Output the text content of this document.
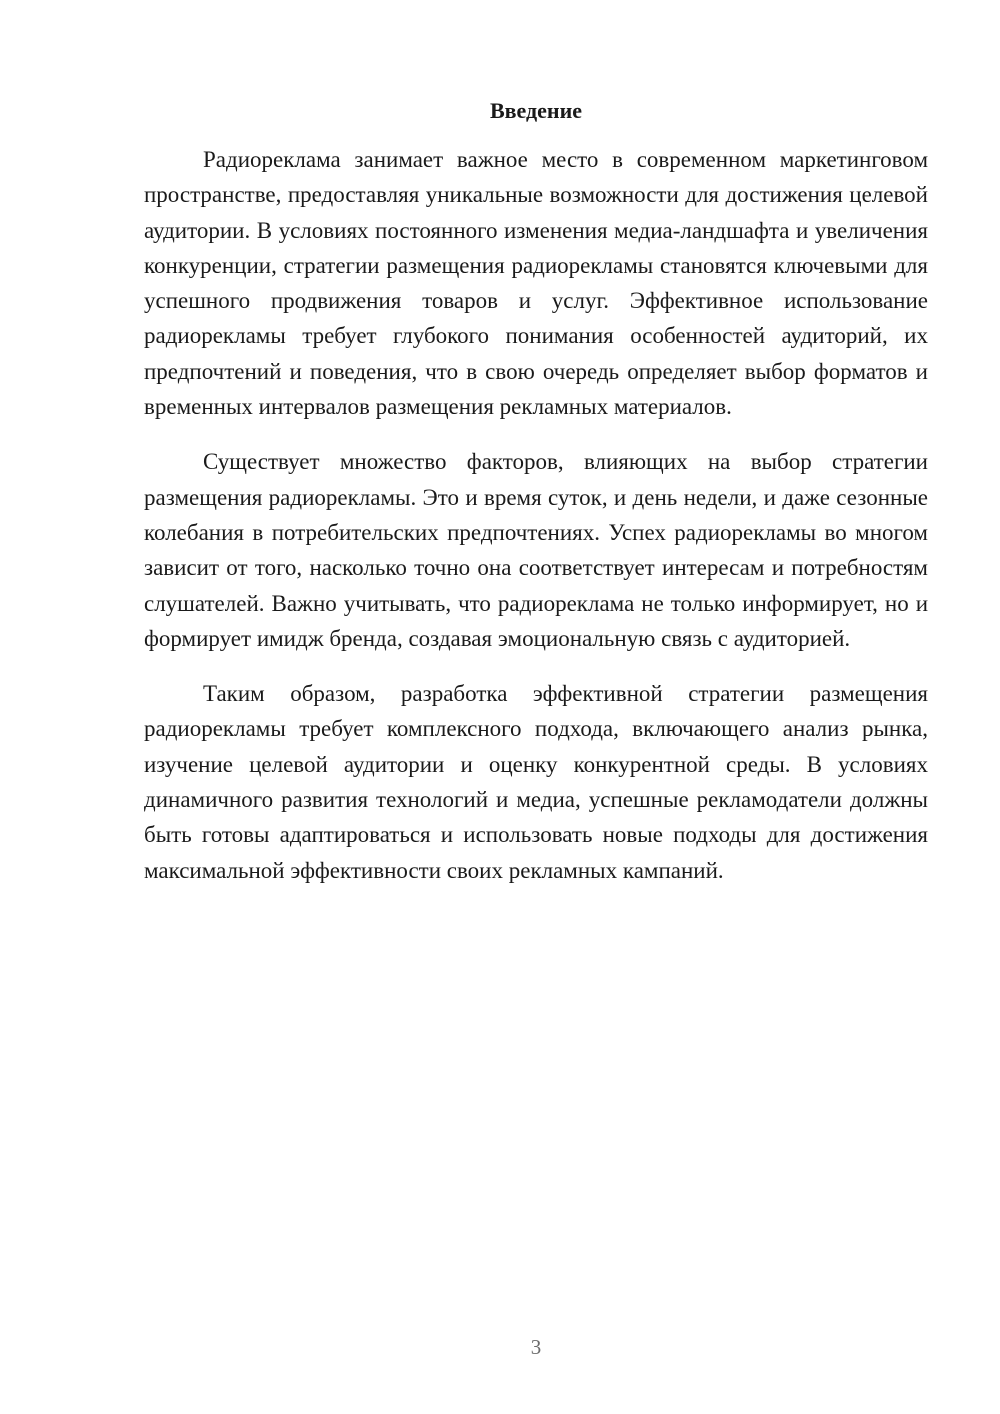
Введение

Радиореклама занимает важное место в современном маркетинговом пространстве, предоставляя уникальные возможности для достижения целевой аудитории. В условиях постоянного изменения медиа-ландшафта и увеличения конкуренции, стратегии размещения радиорекламы становятся ключевыми для успешного продвижения товаров и услуг. Эффективное использование радиорекламы требует глубокого понимания особенностей аудиторий, их предпочтений и поведения, что в свою очередь определяет выбор форматов и временных интервалов размещения рекламных материалов.

Существует множество факторов, влияющих на выбор стратегии размещения радиорекламы. Это и время суток, и день недели, и даже сезонные колебания в потребительских предпочтениях. Успех радиорекламы во многом зависит от того, насколько точно она соответствует интересам и потребностям слушателей. Важно учитывать, что радиореклама не только информирует, но и формирует имидж бренда, создавая эмоциональную связь с аудиторией.

Таким образом, разработка эффективной стратегии размещения радиорекламы требует комплексного подхода, включающего анализ рынка, изучение целевой аудитории и оценку конкурентной среды. В условиях динамичного развития технологий и медиа, успешные рекламодатели должны быть готовы адаптироваться и использовать новые подходы для достижения максимальной эффективности своих рекламных кампаний.

3
